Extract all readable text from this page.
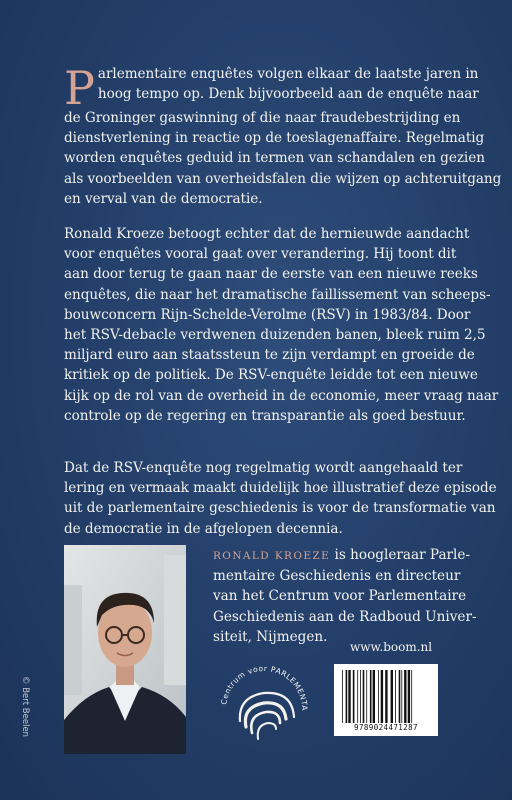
P arlementaire enquêtes volgen elkaar de laatste jaren in
hoog tempo op. Denk bijvoorbeeld aan de enquête naar
de Groninger gaswinning of die naar fraudebestrijding en
dienstverlening in reactie op de toeslagenaffaire. Regelmatig
worden enquêtes geduid in termen van schandalen en gezien
als voorbeelden van overheidsfalen die wijzen op achteruitgang
en verval van de democratie.
Ronald Kroeze betoogt echter dat de hernieuwde aandacht
voor enquêtes vooral gaat over verandering. Hij toont dit
aan door terug te gaan naar de eerste van een nieuwe reeks
enquêtes, die naar het dramatische faillissement van scheeps-
bouwconcern Rijn-Schelde-Verolme (RSV) in 1983/84. Door
het RSV-debacle verdwenen duizenden banen, bleek ruim 2,5
miljard euro aan staatssteun te zijn verdampt en groeide de
kritiek op de politiek. De RSV-enquête leidde tot een nieuwe
kijk op de rol van de overheid in de economie, meer vraag naar
controle op de regering en transparantie als goed bestuur.
Dat de RSV-enquête nog regelmatig wordt aangehaald ter
lering en vermaak maakt duidelijk hoe illustratief deze episode
uit de parlementaire geschiedenis is voor de transformatie van
de democratie in de afgelopen decennia.
© Bert Beelen
RONALD KROEZE is hoogleraar Parle-
mentaire Geschiedenis en directeur
van het Centrum voor Parlementaire
Geschiedenis aan de Radboud Univer-
siteit, Nijmegen.
www.boom.nl
Centrum voor PARLEMENTA
9789024471287
